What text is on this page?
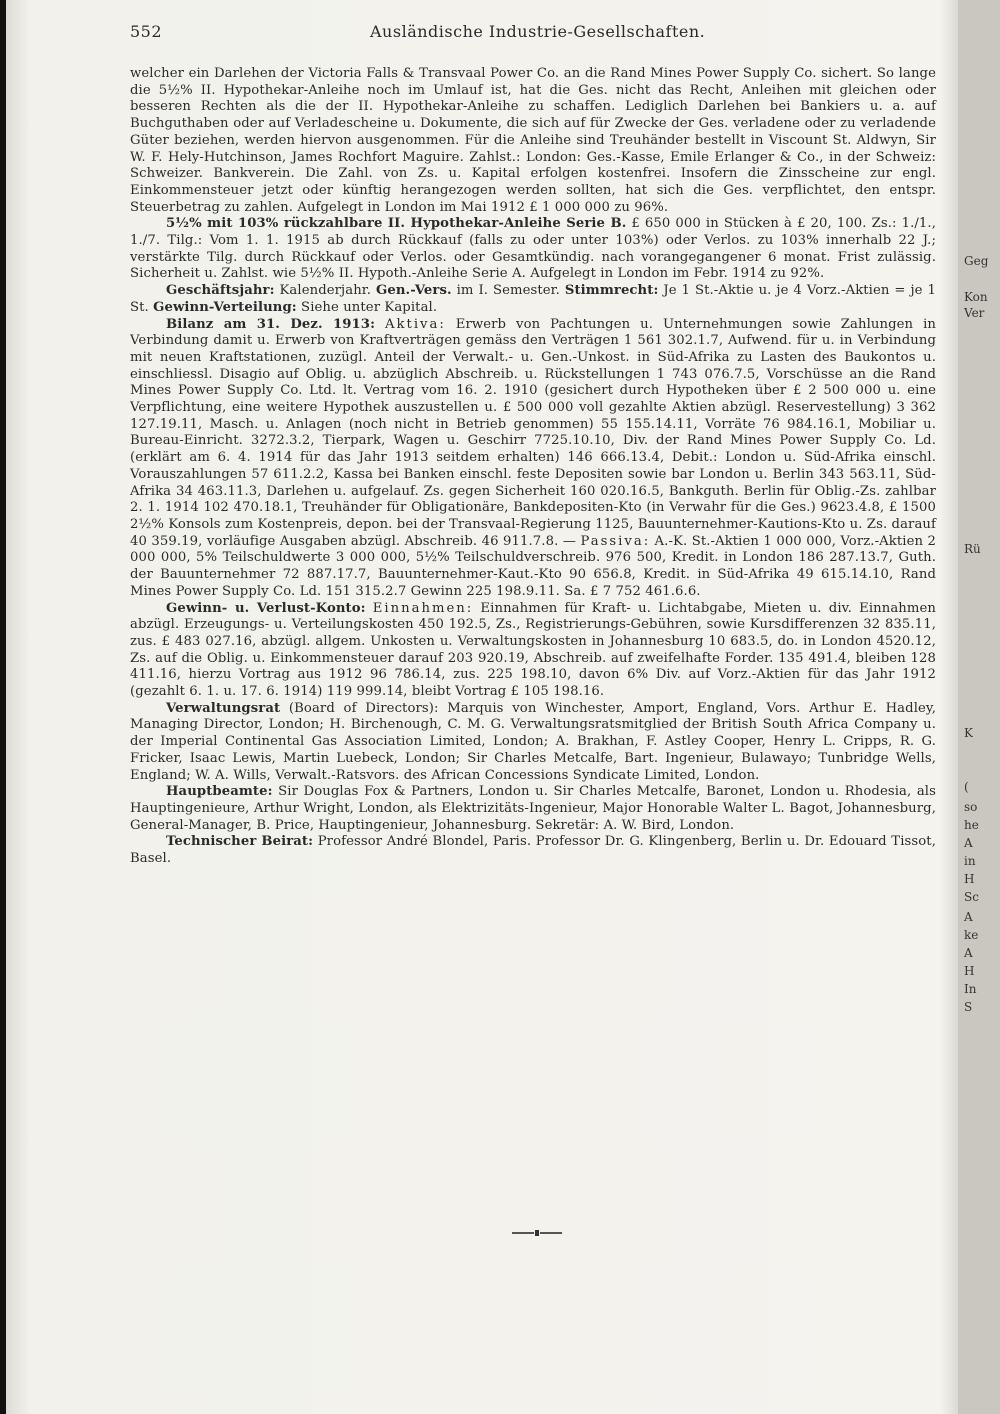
552	Ausländische Industrie-Gesellschaften.

welcher ein Darlehen der Victoria Falls & Transvaal Power Co. an die Rand Mines Power Supply Co. sichert. So lange die 5½% II. Hypothekar-Anleihe noch im Umlauf ist, hat die Ges. nicht das Recht, Anleihen mit gleichen oder besseren Rechten als die der II. Hypothekar-Anleihe zu schaffen. Lediglich Darlehen bei Bankiers u. a. auf Buchguthaben oder auf Verladescheine u. Dokumente, die sich auf für Zwecke der Ges. verladene oder zu verladende Güter beziehen, werden hiervon ausgenommen. Für die Anleihe sind Treuhänder bestellt in Viscount St. Aldwyn, Sir W. F. Hely-Hutchinson, James Rochfort Maguire. Zahlst.: London: Ges.-Kasse, Emile Erlanger & Co., in der Schweiz: Schweizer. Bankverein. Die Zahl. von Zs. u. Kapital erfolgen kostenfrei. Insofern die Zinsscheine zur engl. Einkommensteuer jetzt oder künftig herangezogen werden sollten, hat sich die Ges. verpflichtet, den entspr. Steuerbetrag zu zahlen. Aufgelegt in London im Mai 1912 £ 1 000 000 zu 96%.

5½% mit 103% rückzahlbare II. Hypothekar-Anleihe Serie B. £ 650 000 in Stücken à £ 20, 100. Zs.: 1./1., 1./7. Tilg.: Vom 1. 1. 1915 ab durch Rückkauf (falls zu oder unter 103%) oder Verlos. zu 103% innerhalb 22 J.; verstärkte Tilg. durch Rückkauf oder Verlos. oder Gesamtkündig. nach vorangegangener 6 monat. Frist zulässig. Sicherheit u. Zahlst. wie 5½% II. Hypoth.-Anleihe Serie A. Aufgelegt in London im Febr. 1914 zu 92%.

Geschäftsjahr: Kalenderjahr. Gen.-Vers. im I. Semester. Stimmrecht: Je 1 St.-Aktie u. je 4 Vorz.-Aktien = je 1 St. Gewinn-Verteilung: Siehe unter Kapital.

Bilanz am 31. Dez. 1913: Aktiva: Erwerb von Pachtungen u. Unternehmungen sowie Zahlungen in Verbindung damit u. Erwerb von Kraftverträgen gemäss den Verträgen 1 561 302.1.7, Aufwend. für u. in Verbindung mit neuen Kraftstationen, zuzügl. Anteil der Verwalt.- u. Gen.-Unkost. in Süd-Afrika zu Lasten des Baukontos u. einschliessl. Disagio auf Oblig. u. abzüglich Abschreib. u. Rückstellungen 1 743 076.7.5, Vorschüsse an die Rand Mines Power Supply Co. Ltd. lt. Vertrag vom 16. 2. 1910 (gesichert durch Hypotheken über £ 2 500 000 u. eine Verpflichtung, eine weitere Hypothek auszustellen u. £ 500 000 voll gezahlte Aktien abzügl. Reservestellung) 3 362 127.19.11, Masch. u. Anlagen (noch nicht in Betrieb genommen) 55 155.14.11, Vorräte 76 984.16.1, Mobiliar u. Bureau-Einricht. 3272.3.2, Tierpark, Wagen u. Geschirr 7725.10.10, Div. der Rand Mines Power Supply Co. Ld. (erklärt am 6. 4. 1914 für das Jahr 1913 seitdem erhalten) 146 666.13.4, Debit.: London u. Süd-Afrika einschl. Vorauszahlungen 57 611.2.2, Kassa bei Banken einschl. feste Depositen sowie bar London u. Berlin 343 563.11, Süd-Afrika 34 463.11.3, Darlehen u. aufgelauf. Zs. gegen Sicherheit 160 020.16.5, Bankguth. Berlin für Oblig.-Zs. zahlbar 2. 1. 1914 102 470.18.1, Treuhänder für Obligationäre, Bankdepositen-Kto (in Verwahr für die Ges.) 9623.4.8, £ 1500 2½% Konsols zum Kostenpreis, depon. bei der Transvaal-Regierung 1125, Bauunternehmer-Kautions-Kto u. Zs. darauf 40 359.19, vorläufige Ausgaben abzügl. Abschreib. 46 911.7.8. — Passiva: A.-K. St.-Aktien 1 000 000, Vorz.-Aktien 2 000 000, 5% Teilschuldwerte 3 000 000, 5½% Teilschuldverschreib. 976 500, Kredit. in London 186 287.13.7, Guth. der Bauunternehmer 72 887.17.7, Bauunternehmer-Kaut.-Kto 90 656.8, Kredit. in Süd-Afrika 49 615.14.10, Rand Mines Power Supply Co. Ld. 151 315.2.7 Gewinn 225 198.9.11. Sa. £ 7 752 461.6.6.

Gewinn- u. Verlust-Konto: Einnahmen: Einnahmen für Kraft- u. Lichtabgabe, Mieten u. div. Einnahmen abzügl. Erzeugungs- u. Verteilungskosten 450 192.5, Zs., Registrierungs-Gebühren, sowie Kursdifferenzen 32 835.11, zus. £ 483 027.16, abzügl. allgem. Unkosten u. Verwaltungskosten in Johannesburg 10 683.5, do. in London 4520.12, Zs. auf die Oblig. u. Einkommensteuer darauf 203 920.19, Abschreib. auf zweifelhafte Forder. 135 491.4, bleiben 128 411.16, hierzu Vortrag aus 1912 96 786.14, zus. 225 198.10, davon 6% Div. auf Vorz.-Aktien für das Jahr 1912 (gezahlt 6. 1. u. 17. 6. 1914) 119 999.14, bleibt Vortrag £ 105 198.16.

Verwaltungsrat (Board of Directors): Marquis von Winchester, Amport, England, Vors. Arthur E. Hadley, Managing Director, London; H. Birchenough, C. M. G. Verwaltungsratsmitglied der British South Africa Company u. der Imperial Continental Gas Association Limited, London; A. Brakhan, F. Astley Cooper, Henry L. Cripps, R. G. Fricker, Isaac Lewis, Martin Luebeck, London; Sir Charles Metcalfe, Bart. Ingenieur, Bulawayo; Tunbridge Wells, England; W. A. Wills, Verwalt.-Ratsvors. des African Concessions Syndicate Limited, London.

Hauptbeamte: Sir Douglas Fox & Partners, London u. Sir Charles Metcalfe, Baronet, London u. Rhodesia, als Hauptingenieure, Arthur Wright, London, als Elektrizitäts-Ingenieur, Major Honorable Walter L. Bagot, Johannesburg, General-Manager, B. Price, Hauptingenieur, Johannesburg. Sekretär: A. W. Bird, London.

Technischer Beirat: Professor André Blondel, Paris. Professor Dr. G. Klingenberg, Berlin u. Dr. Edouard Tissot, Basel.

Geg
Kon
Ver
Rü
K
(
so
he
A
in
H
Sc
A
ke
A
H
In
S
